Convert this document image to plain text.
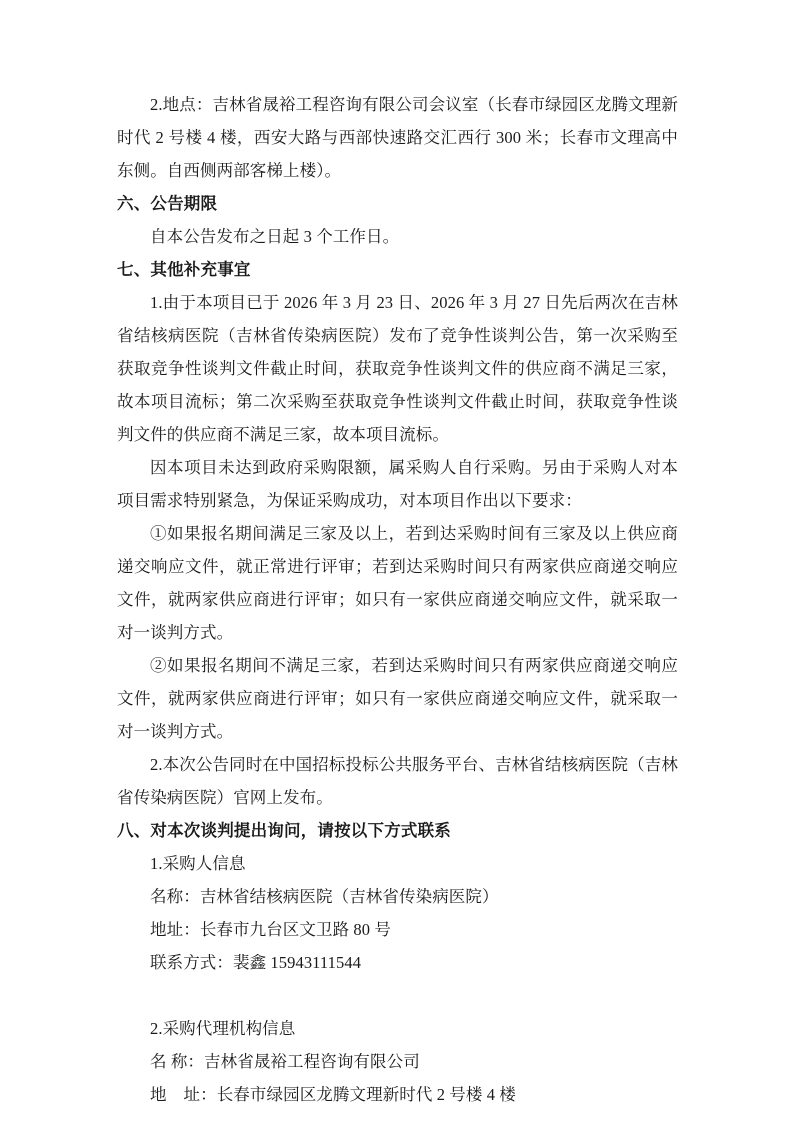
2.地点：吉林省晟裕工程咨询有限公司会议室（长春市绿园区龙腾文理新时代 2 号楼 4 楼，西安大路与西部快速路交汇西行 300 米；长春市文理高中东侧。自西侧两部客梯上楼）。

六、公告期限

自本公告发布之日起 3 个工作日。

七、其他补充事宜

1.由于本项目已于 2026 年 3 月 23 日、2026 年 3 月 27 日先后两次在吉林省结核病医院（吉林省传染病医院）发布了竞争性谈判公告，第一次采购至获取竞争性谈判文件截止时间，获取竞争性谈判文件的供应商不满足三家，故本项目流标；第二次采购至获取竞争性谈判文件截止时间，获取竞争性谈判文件的供应商不满足三家，故本项目流标。

因本项目未达到政府采购限额，属采购人自行采购。另由于采购人对本项目需求特别紧急，为保证采购成功，对本项目作出以下要求：

①如果报名期间满足三家及以上，若到达采购时间有三家及以上供应商递交响应文件，就正常进行评审；若到达采购时间只有两家供应商递交响应文件，就两家供应商进行评审；如只有一家供应商递交响应文件，就采取一对一谈判方式。

②如果报名期间不满足三家，若到达采购时间只有两家供应商递交响应文件，就两家供应商进行评审；如只有一家供应商递交响应文件，就采取一对一谈判方式。

2.本次公告同时在中国招标投标公共服务平台、吉林省结核病医院（吉林省传染病医院）官网上发布。

八、对本次谈判提出询问，请按以下方式联系

1.采购人信息

名称：吉林省结核病医院（吉林省传染病医院）

地址：长春市九台区文卫路 80 号

联系方式：裴鑫 15943111544

2.采购代理机构信息

名 称：吉林省晟裕工程咨询有限公司

地    址：长春市绿园区龙腾文理新时代 2 号楼 4 楼
